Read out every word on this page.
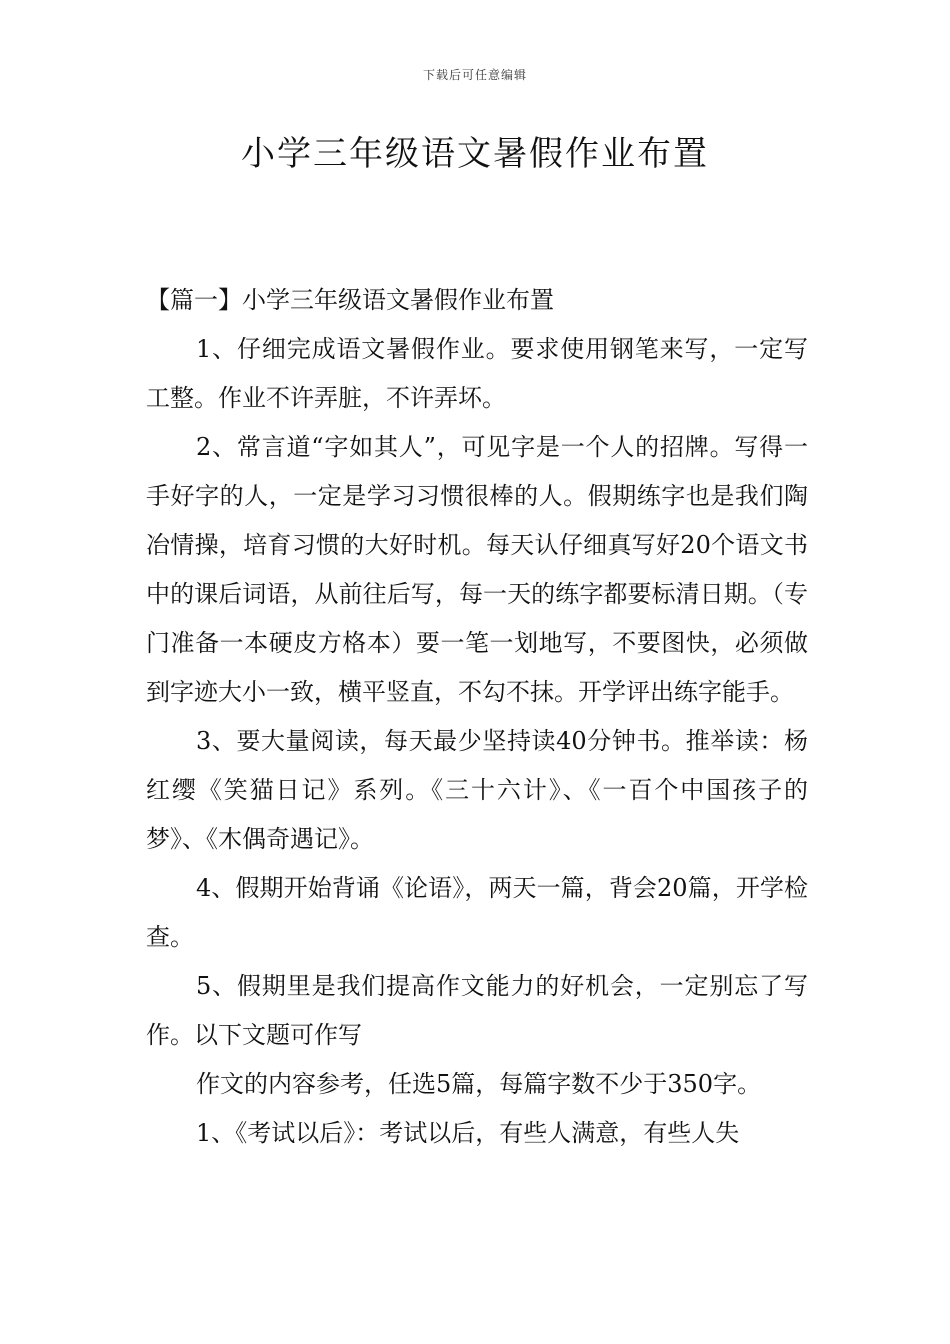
下载后可任意编辑
小学三年级语文暑假作业布置

【篇一】小学三年级语文暑假作业布置

1、仔细完成语文暑假作业。要求使用钢笔来写，一定写工整。作业不许弄脏，不许弄坏。

2、常言道“字如其人”，可见字是一个人的招牌。写得一手好字的人，一定是学习习惯很棒的人。假期练字也是我们陶冶情操，培育习惯的大好时机。每天认仔细真写好20个语文书中的课后词语，从前往后写，每一天的练字都要标清日期。（专门准备一本硬皮方格本）要一笔一划地写，不要图快，必须做到字迹大小一致，横平竖直，不勾不抹。开学评出练字能手。

3、要大量阅读，每天最少坚持读40分钟书。推举读：杨红缨《笑猫日记》系列。《三十六计》、《一百个中国孩子的梦》、《木偶奇遇记》。

4、假期开始背诵《论语》，两天一篇，背会20篇，开学检查。

5、假期里是我们提高作文能力的好机会，一定别忘了写作。以下文题可作写

作文的内容参考，任选5篇，每篇字数不少于350字。

1、《考试以后》：考试以后，有些人满意，有些人失
